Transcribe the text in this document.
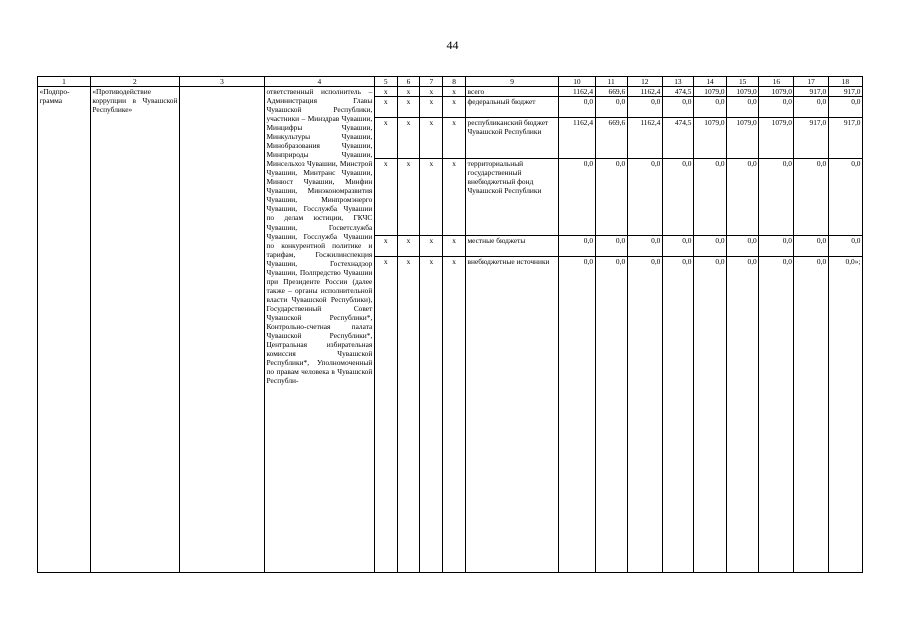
44
1	2	3	4	5	6	7	8	9	10	11	12	13	14	15	16	17	18
«Подпро-грамма	«Противодействие коррупции в Чувашской Республике»		ответственный исполнитель – Администрация Главы Чувашской Республики, участники – Минздрав Чувашии, Минцифры Чувашии, Минкультуры Чувашии, Минобразования Чувашии, Минприроды Чувашии, Минсельхоз Чувашии, Минстрой Чувашии, Минтранс Чувашии, Минюст Чувашии, Минфин Чувашии, Минэкономразвития Чувашии, Минпромэнерго Чувашии, Госслужба Чувашии по делам юстиции, ГКЧС Чувашии, Госветслужба Чувашии, Госслужба Чувашии по конкурентной политике и тарифам, Госжилинспекция Чувашии, Гостехнадзор Чувашии, Полпредство Чувашии при Президенте России (далее также – органы исполнительной власти Чувашской Республики), Государственный Совет Чувашской Республики*, Контрольно-счетная палата Чувашской Республики*, Центральная избирательная комиссия Чувашской Республики*, Уполномоченный по правам человека в Чувашской Республи-	x	x	x	x	всего	1162,4	669,6	1162,4	474,5	1079,0	1079,0	1079,0	917,0	917,0
				x	x	x	x	федеральный бюджет	0,0	0,0	0,0	0,0	0,0	0,0	0,0	0,0	0,0
				x	x	x	x	республиканский бюджет Чувашской Республики	1162,4	669,6	1162,4	474,5	1079,0	1079,0	1079,0	917,0	917,0
				x	x	x	x	территориальный государственный внебюджетный фонд Чувашской Республики	0,0	0,0	0,0	0,0	0,0	0,0	0,0	0,0	0,0
				x	x	x	x	местные бюджеты	0,0	0,0	0,0	0,0	0,0	0,0	0,0	0,0	0,0
				x	x	x	x	внебюджетные источники	0,0	0,0	0,0	0,0	0,0	0,0	0,0	0,0	0,0»;
